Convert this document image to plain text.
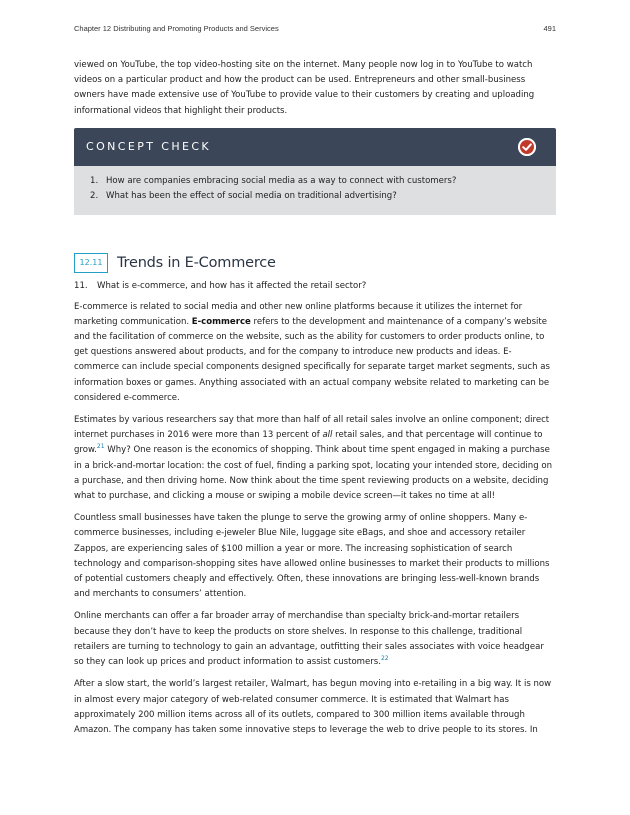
Chapter 12 Distributing and Promoting Products and Services	491

viewed on YouTube, the top video-hosting site on the internet. Many people now log in to YouTube to watch videos on a particular product and how the product can be used. Entrepreneurs and other small-business owners have made extensive use of YouTube to provide value to their customers by creating and uploading informational videos that highlight their products.

CONCEPT CHECK
1. How are companies embracing social media as a way to connect with customers?
2. What has been the effect of social media on traditional advertising?
12.11	Trends in E-Commerce

11. What is e-commerce, and how has it affected the retail sector?

E-commerce is related to social media and other new online platforms because it utilizes the internet for marketing communication. E-commerce refers to the development and maintenance of a company’s website and the facilitation of commerce on the website, such as the ability for customers to order products online, to get questions answered about products, and for the company to introduce new products and ideas. E-commerce can include special components designed specifically for separate target market segments, such as information boxes or games. Anything associated with an actual company website related to marketing can be considered e-commerce.

Estimates by various researchers say that more than half of all retail sales involve an online component; direct internet purchases in 2016 were more than 13 percent of all retail sales, and that percentage will continue to grow.$^{21}$ Why? One reason is the economics of shopping. Think about time spent engaged in making a purchase in a brick-and-mortar location: the cost of fuel, finding a parking spot, locating your intended store, deciding on a purchase, and then driving home. Now think about the time spent reviewing products on a website, deciding what to purchase, and clicking a mouse or swiping a mobile device screen—it takes no time at all!

Countless small businesses have taken the plunge to serve the growing army of online shoppers. Many e-commerce businesses, including e-jeweler Blue Nile, luggage site eBags, and shoe and accessory retailer Zappos, are experiencing sales of $100 million a year or more. The increasing sophistication of search technology and comparison-shopping sites have allowed online businesses to market their products to millions of potential customers cheaply and effectively. Often, these innovations are bringing less-well-known brands and merchants to consumers’ attention.

Online merchants can offer a far broader array of merchandise than specialty brick-and-mortar retailers because they don’t have to keep the products on store shelves. In response to this challenge, traditional retailers are turning to technology to gain an advantage, outfitting their sales associates with voice headgear so they can look up prices and product information to assist customers.$^{22}$

After a slow start, the world’s largest retailer, Walmart, has begun moving into e-retailing in a big way. It is now in almost every major category of web-related consumer commerce. It is estimated that Walmart has approximately 200 million items across all of its outlets, compared to 300 million items available through Amazon. The company has taken some innovative steps to leverage the web to drive people to its stores. In
